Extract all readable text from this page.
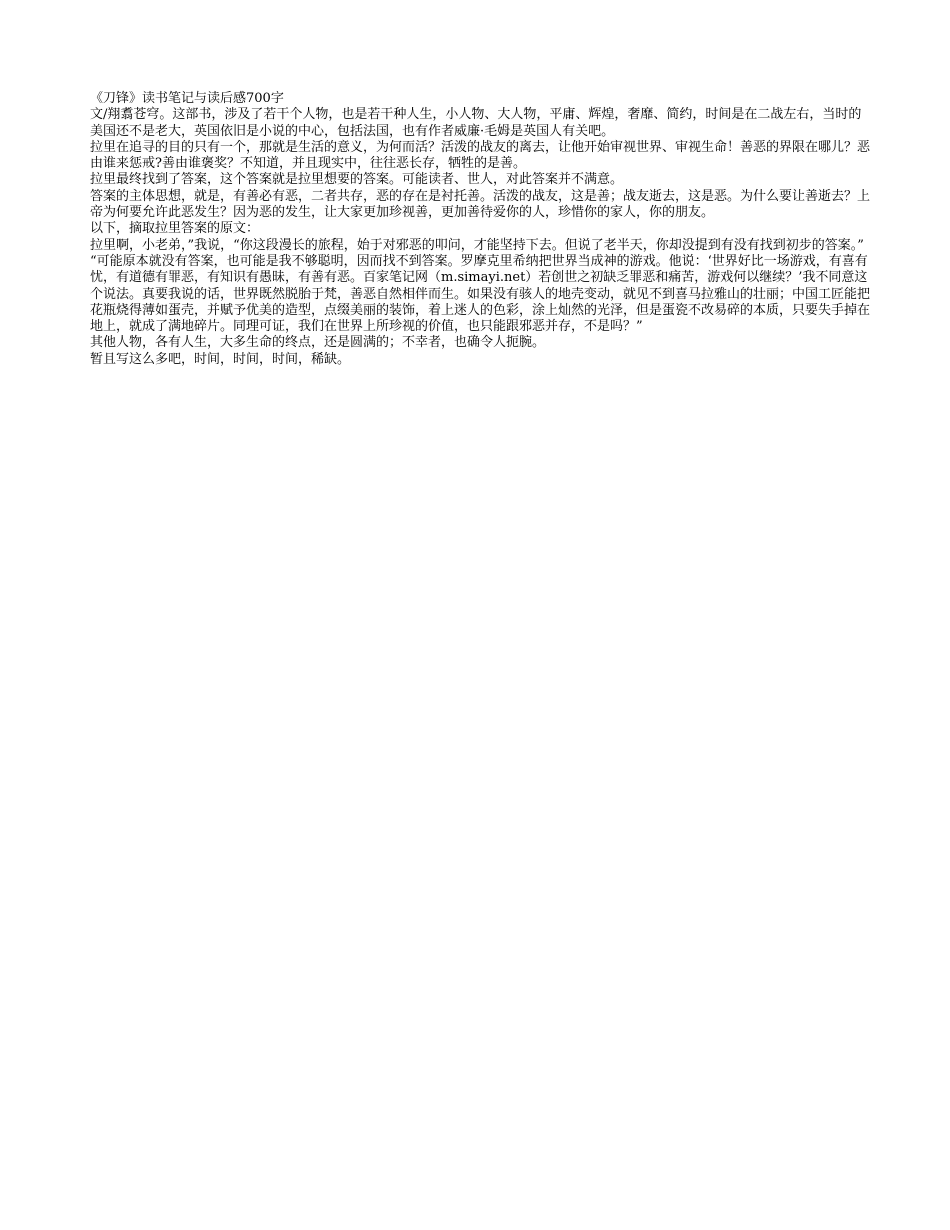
《刀锋》读书笔记与读后感700字

文/翔翥苍穹。这部书，涉及了若干个人物，也是若干种人生，小人物、大人物，平庸、辉煌，奢靡、简约，时间是在二战左右，当时的美国还不是老大，英国依旧是小说的中心，包括法国，也有作者威廉·毛姆是英国人有关吧。

拉里在追寻的目的只有一个，那就是生活的意义，为何而活？活泼的战友的离去，让他开始审视世界、审视生命！善恶的界限在哪儿？恶由谁来惩戒?善由谁褒奖？不知道，并且现实中，往往恶长存，牺牲的是善。

拉里最终找到了答案，这个答案就是拉里想要的答案。可能读者、世人，对此答案并不满意。

答案的主体思想，就是，有善必有恶，二者共存，恶的存在是衬托善。活泼的战友，这是善；战友逝去，这是恶。为什么要让善逝去？上帝为何要允许此恶发生？因为恶的发生，让大家更加珍视善，更加善待爱你的人，珍惜你的家人，你的朋友。

以下，摘取拉里答案的原文：

拉里啊，小老弟，”我说，“你这段漫长的旅程，始于对邪恶的叩问，才能坚持下去。但说了老半天，你却没提到有没有找到初步的答案。”

“可能原本就没有答案，也可能是我不够聪明，因而找不到答案。罗摩克里希纳把世界当成神的游戏。他说：‘世界好比一场游戏，有喜有忧，有道德有罪恶，有知识有愚昧，有善有恶。百家笔记网（m.simayi.net）若创世之初缺乏罪恶和痛苦，游戏何以继续？’我不同意这个说法。真要我说的话，世界既然脱胎于梵，善恶自然相伴而生。如果没有骇人的地壳变动，就见不到喜马拉雅山的壮丽；中国工匠能把花瓶烧得薄如蛋壳，并赋予优美的造型，点缀美丽的装饰，着上迷人的色彩，涂上灿然的光泽，但是蛋瓷不改易碎的本质，只要失手掉在地上，就成了满地碎片。同理可证，我们在世界上所珍视的价值，也只能跟邪恶并存，不是吗？”

其他人物，各有人生，大多生命的终点，还是圆满的；不幸者，也确令人扼腕。

暂且写这么多吧，时间，时间，时间，稀缺。
